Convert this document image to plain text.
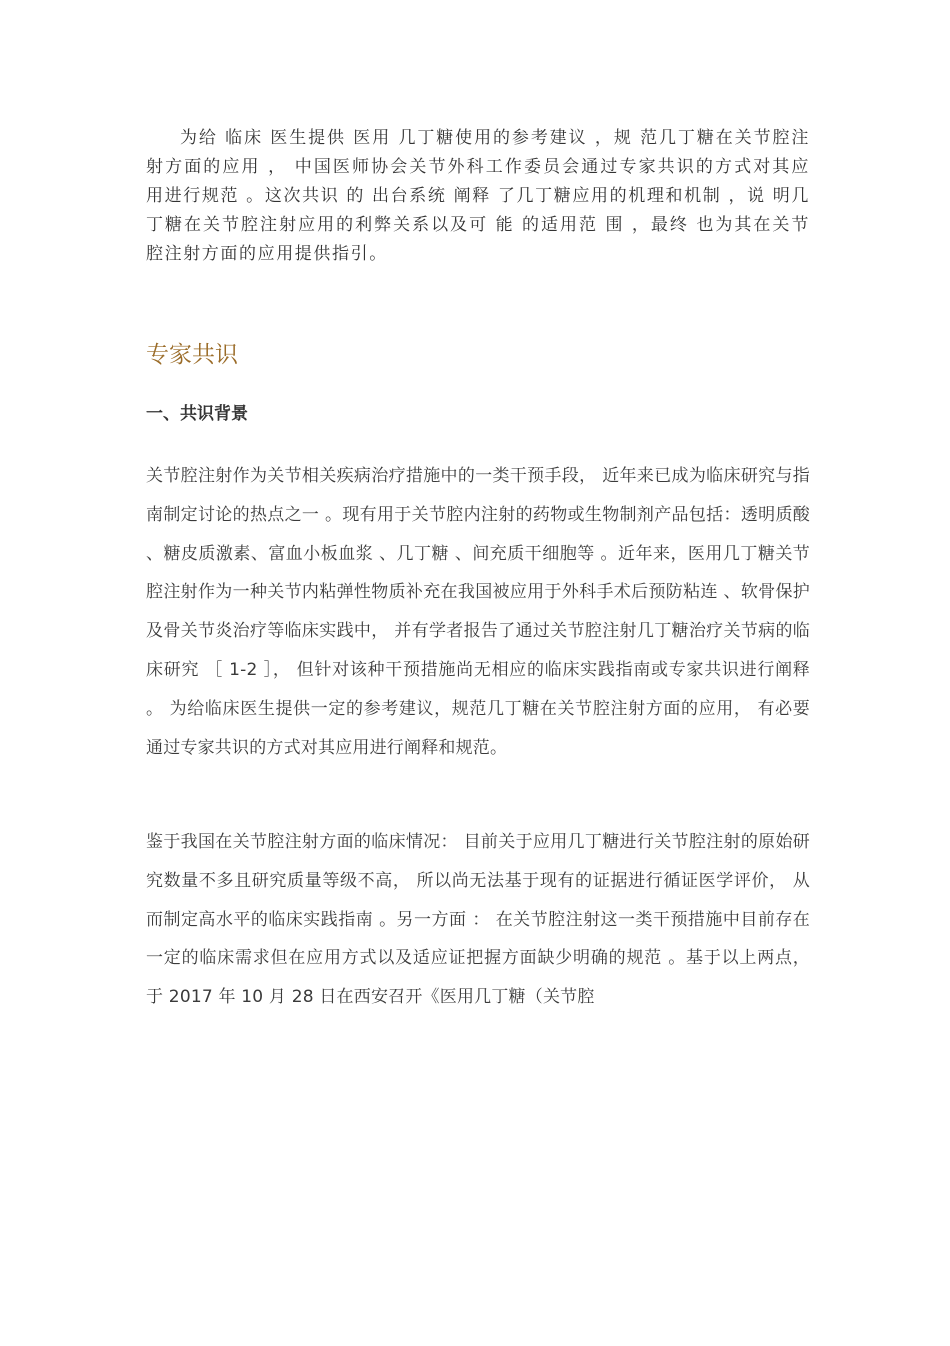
为给 临床 医生提供 医用 几丁糖使用的参考建议 ，规 范几丁糖在关节腔注射方面的应用 ， 中国医师协会关节外科工作委员会通过专家共识的方式对其应用进行规范 。这次共识 的 出台系统 阐释 了几丁糖应用的机理和机制 ，说 明几丁糖在关节腔注射应用的利弊关系以及可 能 的适用范 围 ，最终 也为其在关节腔注射方面的应用提供指引。

专家共识
一、共识背景

关节腔注射作为关节相关疾病治疗措施中的一类干预手段， 近年来已成为临床研究与指南制定讨论的热点之一 。现有用于关节腔内注射的药物或生物制剂产品包括：透明质酸 、糖皮质激素、富血小板血浆 、几丁糖 、间充质干细胞等 。近年来，医用几丁糖关节腔注射作为一种关节内粘弹性物质补充在我国被应用于外科手术后预防粘连 、软骨保护及骨关节炎治疗等临床实践中， 并有学者报告了通过关节腔注射几丁糖治疗关节病的临床研究 ［ 1-2 ］， 但针对该种干预措施尚无相应的临床实践指南或专家共识进行阐释 。 为给临床医生提供一定的参考建议，规范几丁糖在关节腔注射方面的应用， 有必要通过专家共识的方式对其应用进行阐释和规范。

鉴于我国在关节腔注射方面的临床情况： 目前关于应用几丁糖进行关节腔注射的原始研究数量不多且研究质量等级不高， 所以尚无法基于现有的证据进行循证医学评价， 从而制定高水平的临床实践指南 。另一方面 ： 在关节腔注射这一类干预措施中目前存在一定的临床需求但在应用方式以及适应证把握方面缺少明确的规范 。基于以上两点， 于 2017 年 10 月 28 日在西安召开《医用几丁糖（关节腔
